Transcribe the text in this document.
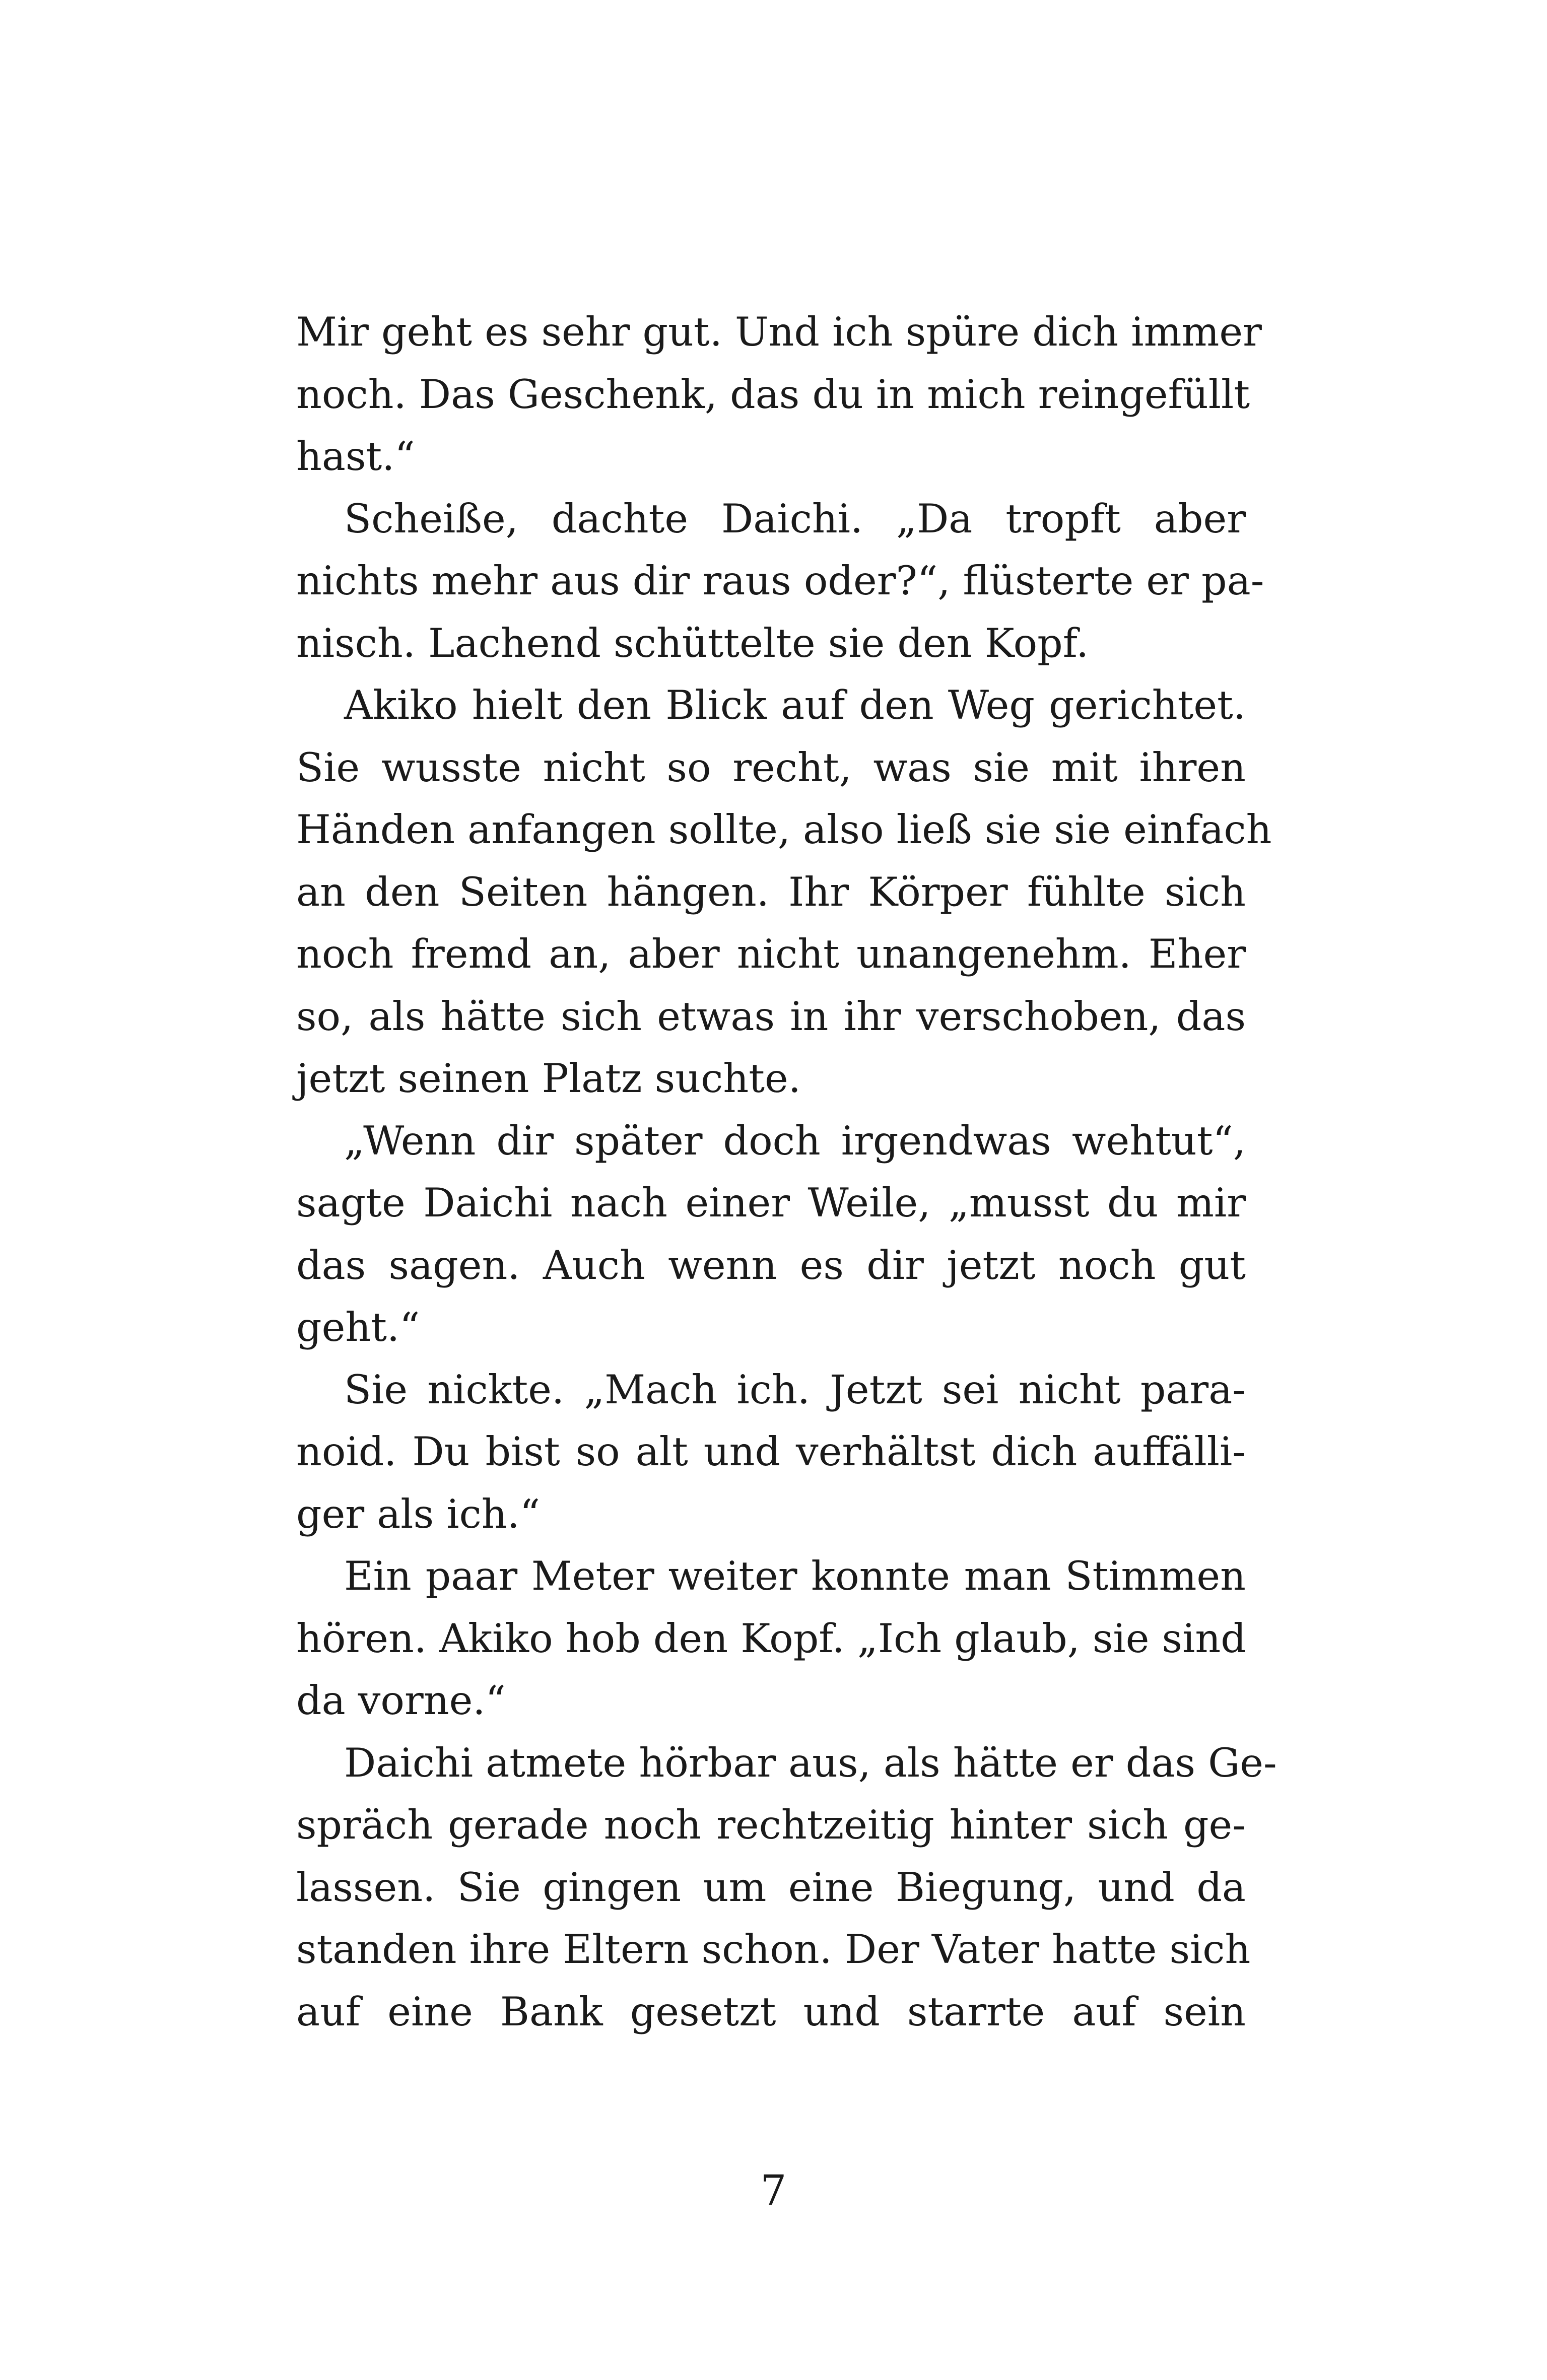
Mir geht es sehr gut. Und ich spüre dich immer
noch. Das Geschenk, das du in mich reingefüllt
hast.“
Scheiße, dachte Daichi. „Da tropft aber
nichts mehr aus dir raus oder?“, flüsterte er pa-
nisch. Lachend schüttelte sie den Kopf.
Akiko hielt den Blick auf den Weg gerichtet.
Sie wusste nicht so recht, was sie mit ihren
Händen anfangen sollte, also ließ sie sie einfach
an den Seiten hängen. Ihr Körper fühlte sich
noch fremd an, aber nicht unangenehm. Eher
so, als hätte sich etwas in ihr verschoben, das
jetzt seinen Platz suchte.
„Wenn dir später doch irgendwas wehtut“,
sagte Daichi nach einer Weile, „musst du mir
das sagen. Auch wenn es dir jetzt noch gut
geht.“
Sie nickte. „Mach ich. Jetzt sei nicht para-
noid. Du bist so alt und verhältst dich auffälli-
ger als ich.“
Ein paar Meter weiter konnte man Stimmen
hören. Akiko hob den Kopf. „Ich glaub, sie sind
da vorne.“
Daichi atmete hörbar aus, als hätte er das Ge-
spräch gerade noch rechtzeitig hinter sich ge-
lassen. Sie gingen um eine Biegung, und da
standen ihre Eltern schon. Der Vater hatte sich
auf eine Bank gesetzt und starrte auf sein
7
